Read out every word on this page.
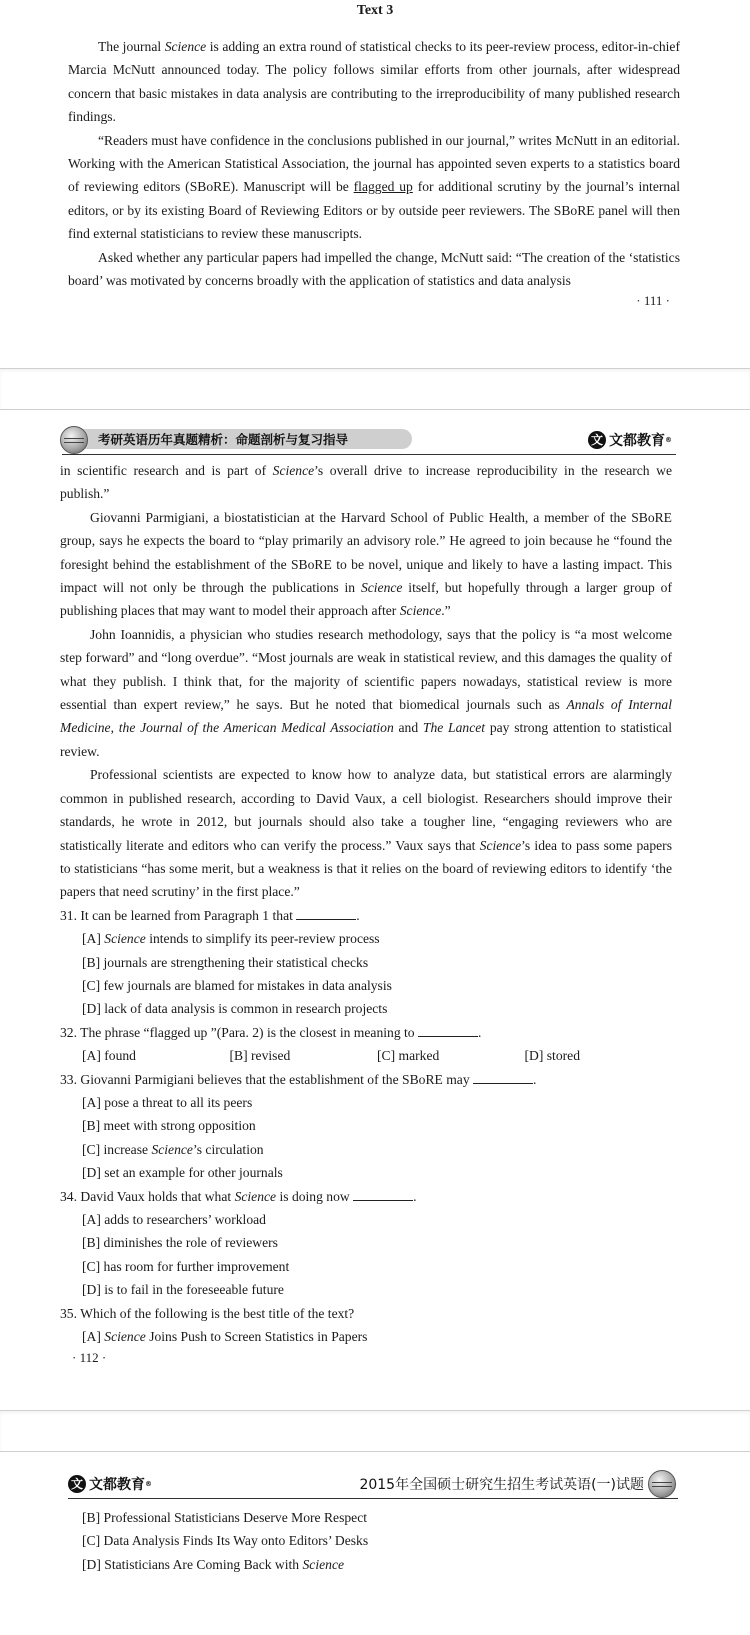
Text 3

The journal Science is adding an extra round of statistical checks to its peer-review process, editor-in-chief Marcia McNutt announced today. The policy follows similar efforts from other journals, after widespread concern that basic mistakes in data analysis are contributing to the irreproducibility of many published research findings.

“Readers must have confidence in the conclusions published in our journal,” writes McNutt in an editorial. Working with the American Statistical Association, the journal has appointed seven experts to a statistics board of reviewing editors (SBoRE). Manuscript will be flagged up for additional scrutiny by the journal’s internal editors, or by its existing Board of Reviewing Editors or by outside peer reviewers. The SBoRE panel will then find external statisticians to review these manuscripts.

Asked whether any particular papers had impelled the change, McNutt said: “The creation of the ‘statistics board’ was motivated by concerns broadly with the application of statistics and data analysis

· 111 ·
考研英语历年真题精析：命题剖析与复习指导	文 文都教育 ®

in scientific research and is part of Science’s overall drive to increase reproducibility in the research we publish.”

Giovanni Parmigiani, a biostatistician at the Harvard School of Public Health, a member of the SBoRE group, says he expects the board to “play primarily an advisory role.” He agreed to join because he “found the foresight behind the establishment of the SBoRE to be novel, unique and likely to have a lasting impact. This impact will not only be through the publications in Science itself, but hopefully through a larger group of publishing places that may want to model their approach after Science.”

John Ioannidis, a physician who studies research methodology, says that the policy is “a most welcome step forward” and “long overdue”. “Most journals are weak in statistical review, and this damages the quality of what they publish. I think that, for the majority of scientific papers nowadays, statistical review is more essential than expert review,” he says. But he noted that biomedical journals such as Annals of Internal Medicine, the Journal of the American Medical Association and The Lancet pay strong attention to statistical review.

Professional scientists are expected to know how to analyze data, but statistical errors are alarmingly common in published research, according to David Vaux, a cell biologist. Researchers should improve their standards, he wrote in 2012, but journals should also take a tougher line, “engaging reviewers who are statistically literate and editors who can verify the process.” Vaux says that Science’s idea to pass some papers to statisticians “has some merit, but a weakness is that it relies on the board of reviewing editors to identify ‘the papers that need scrutiny’ in the first place.”

31. It can be learned from Paragraph 1 that	.
[A] Science intends to simplify its peer-review process
[B] journals are strengthening their statistical checks
[C] few journals are blamed for mistakes in data analysis
[D] lack of data analysis is common in research projects
32. The phrase “flagged up ”(Para. 2) is the closest in meaning to	.
[A] found	[B] revised	[C] marked	[D] stored
33. Giovanni Parmigiani believes that the establishment of the SBoRE may	.
[A] pose a threat to all its peers
[B] meet with strong opposition
[C] increase Science’s circulation
[D] set an example for other journals
34. David Vaux holds that what Science is doing now	.
[A] adds to researchers’ workload
[B] diminishes the role of reviewers
[C] has room for further improvement
[D] is to fail in the foreseeable future
35. Which of the following is the best title of the text?
[A] Science Joins Push to Screen Statistics in Papers
· 112 ·
文 文都教育 ®	2015年全国硕士研究生招生考试英语(一)试题
[B] Professional Statisticians Deserve More Respect
[C] Data Analysis Finds Its Way onto Editors’ Desks
[D] Statisticians Are Coming Back with Science
